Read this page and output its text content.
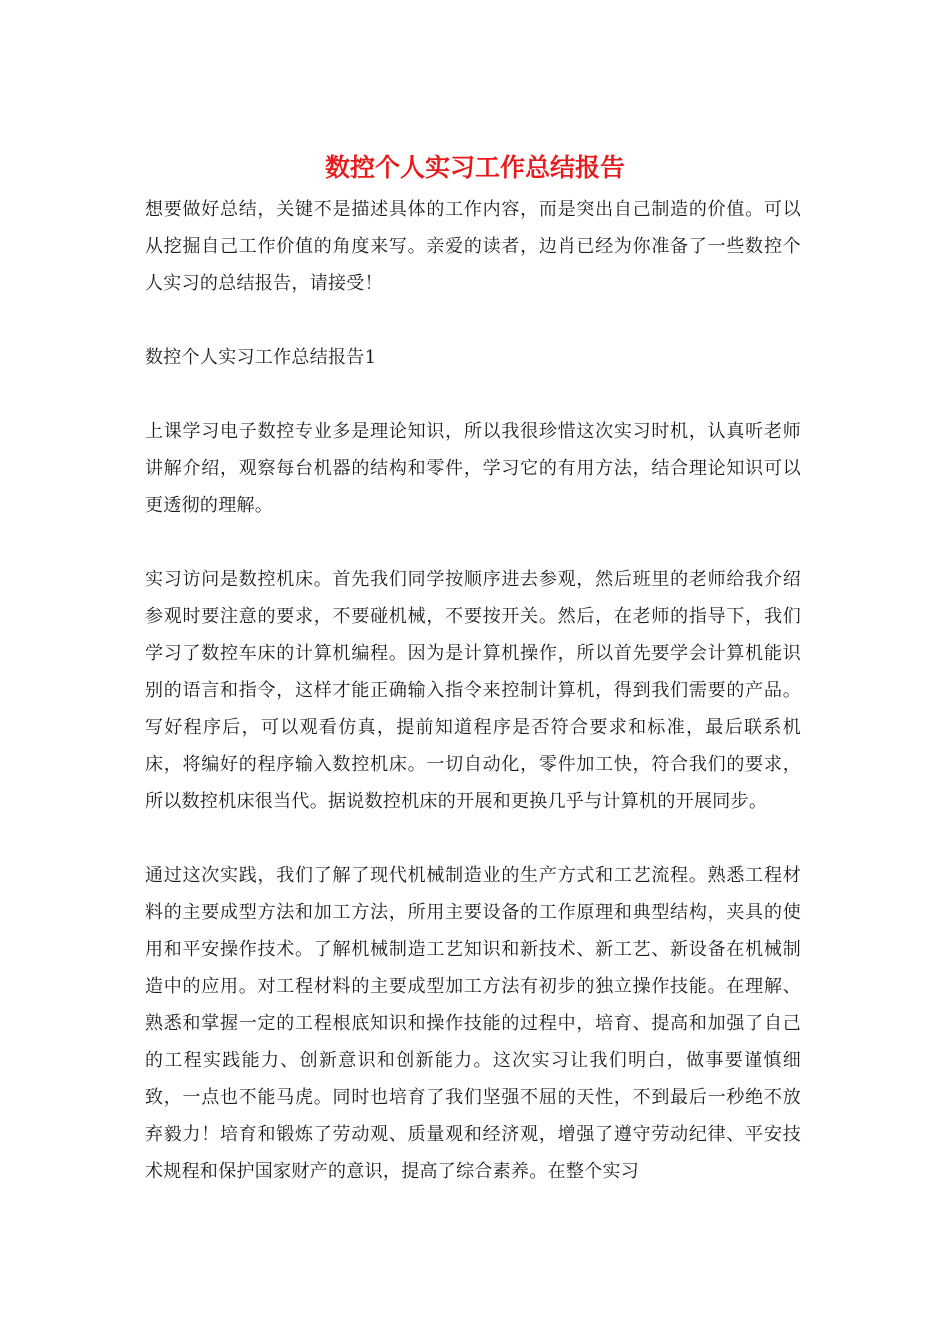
数控个人实习工作总结报告

想要做好总结，关键不是描述具体的工作内容，而是突出自己制造的价值。可以从挖掘自己工作价值的角度来写。亲爱的读者，边肖已经为你准备了一些数控个人实习的总结报告，请接受！

数控个人实习工作总结报告1

上课学习电子数控专业多是理论知识，所以我很珍惜这次实习时机，认真听老师讲解介绍，观察每台机器的结构和零件，学习它的有用方法，结合理论知识可以更透彻的理解。

实习访问是数控机床。首先我们同学按顺序进去参观，然后班里的老师给我介绍参观时要注意的要求，不要碰机械，不要按开关。然后，在老师的指导下，我们学习了数控车床的计算机编程。因为是计算机操作，所以首先要学会计算机能识别的语言和指令，这样才能正确输入指令来控制计算机，得到我们需要的产品。写好程序后，可以观看仿真，提前知道程序是否符合要求和标准，最后联系机床，将编好的程序输入数控机床。一切自动化，零件加工快，符合我们的要求，所以数控机床很当代。据说数控机床的开展和更换几乎与计算机的开展同步。

通过这次实践，我们了解了现代机械制造业的生产方式和工艺流程。熟悉工程材料的主要成型方法和加工方法，所用主要设备的工作原理和典型结构，夹具的使用和平安操作技术。了解机械制造工艺知识和新技术、新工艺、新设备在机械制造中的应用。对工程材料的主要成型加工方法有初步的独立操作技能。在理解、熟悉和掌握一定的工程根底知识和操作技能的过程中，培育、提高和加强了自己的工程实践能力、创新意识和创新能力。这次实习让我们明白，做事要谨慎细致，一点也不能马虎。同时也培育了我们坚强不屈的天性，不到最后一秒绝不放弃毅力！培育和锻炼了劳动观、质量观和经济观，增强了遵守劳动纪律、平安技术规程和保护国家财产的意识，提高了综合素养。在整个实习
